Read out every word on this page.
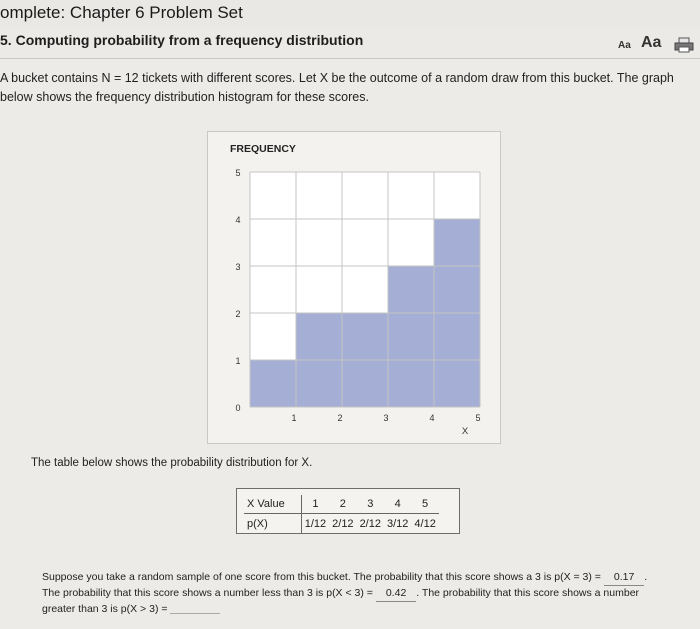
omplete: Chapter 6 Problem Set
5. Computing probability from a frequency distribution	Aa Aa
A bucket contains N = 12 tickets with different scores. Let X be the outcome of a random draw from this bucket. The graph below shows the frequency distribution histogram for these scores.
FREQUENCY
0
1
2
3
4
5
1	2	3	4	5
X
The table below shows the probability distribution for X.
X Value	1	2	3	4	5
p(X)	1/12	2/12	2/12	3/12	4/12
Suppose you take a random sample of one score from this bucket. The probability that this score shows a 3 is p(X = 3) = 0.17 . The probability that this score shows a number less than 3 is p(X < 3) = 0.42 . The probability that this score shows a number greater than 3 is p(X > 3) =
